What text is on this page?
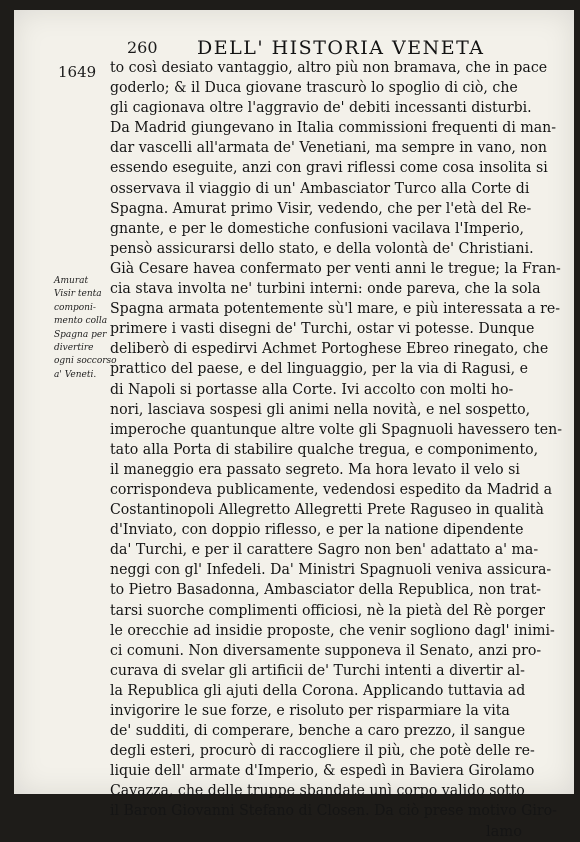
260 DELL' HISTORIA VENETA
1649
Amurat
Visir tenta
componi-
mento colla
Spagna per
divertire
ogni soccorso
a' Veneti.
to così desiato vantaggio, altro più non bramava, che in pace
goderlo; & il Duca giovane trascurò lo spoglio di ciò, che
gli cagionava oltre l'aggravio de' debiti incessanti disturbi.
Da Madrid giungevano in Italia commissioni frequenti di man-
dar vascelli all'armata de' Venetiani, ma sempre in vano, non
essendo eseguite, anzi con gravi riflessi come cosa insolita si
osservava il viaggio di un' Ambasciator Turco alla Corte di
Spagna. Amurat primo Visir, vedendo, che per l'età del Re-
gnante, e per le domestiche confusioni vacilava l'Imperio,
pensò assicurarsi dello stato, e della volontà de' Christiani.
Già Cesare havea confermato per venti anni le tregue; la Fran-
cia stava involta ne' turbini interni: onde pareva, che la sola
Spagna armata potentemente sù'l mare, e più interessata a re-
primere i vasti disegni de' Turchi, ostar vi potesse. Dunque
deliberò di espedirvi Achmet Portoghese Ebreo rinegato, che
prattico del paese, e del linguaggio, per la via di Ragusi, e
di Napoli si portasse alla Corte. Ivi accolto con molti ho-
nori, lasciava sospesi gli animi nella novità, e nel sospetto,
imperoche quantunque altre volte gli Spagnuoli havessero ten-
tato alla Porta di stabilire qualche tregua, e componimento,
il maneggio era passato segreto. Ma hora levato il velo si
corrispondeva publicamente, vedendosi espedito da Madrid a
Costantinopoli Allegretto Allegretti Prete Raguseo in qualità
d'Inviato, con doppio riflesso, e per la natione dipendente
da' Turchi, e per il carattere Sagro non ben' adattato a' ma-
neggi con gl' Infedeli. Da' Ministri Spagnuoli veniva assicura-
to Pietro Basadonna, Ambasciator della Republica, non trat-
tarsi suorche complimenti officiosi, nè la pietà del Rè porger
le orecchie ad insidie proposte, che venir sogliono dagl' inimi-
ci comuni. Non diversamente supponeva il Senato, anzi pro-
curava di svelar gli artificii de' Turchi intenti a divertir al-
la Republica gli ajuti della Corona. Applicando tuttavia ad
invigorire le sue forze, e risoluto per risparmiare la vita
de' sudditi, di comperare, benche a caro prezzo, il sangue
degli esteri, procurò di raccogliere il più, che potè delle re-
liquie dell' armate d'Imperio, & espedì in Baviera Girolamo
Cavazza, che delle truppe sbandate unì corpo valido sotto
il Baron Giovanni Stefano di Closen. Da ciò prese motivo Giro-
lamo
